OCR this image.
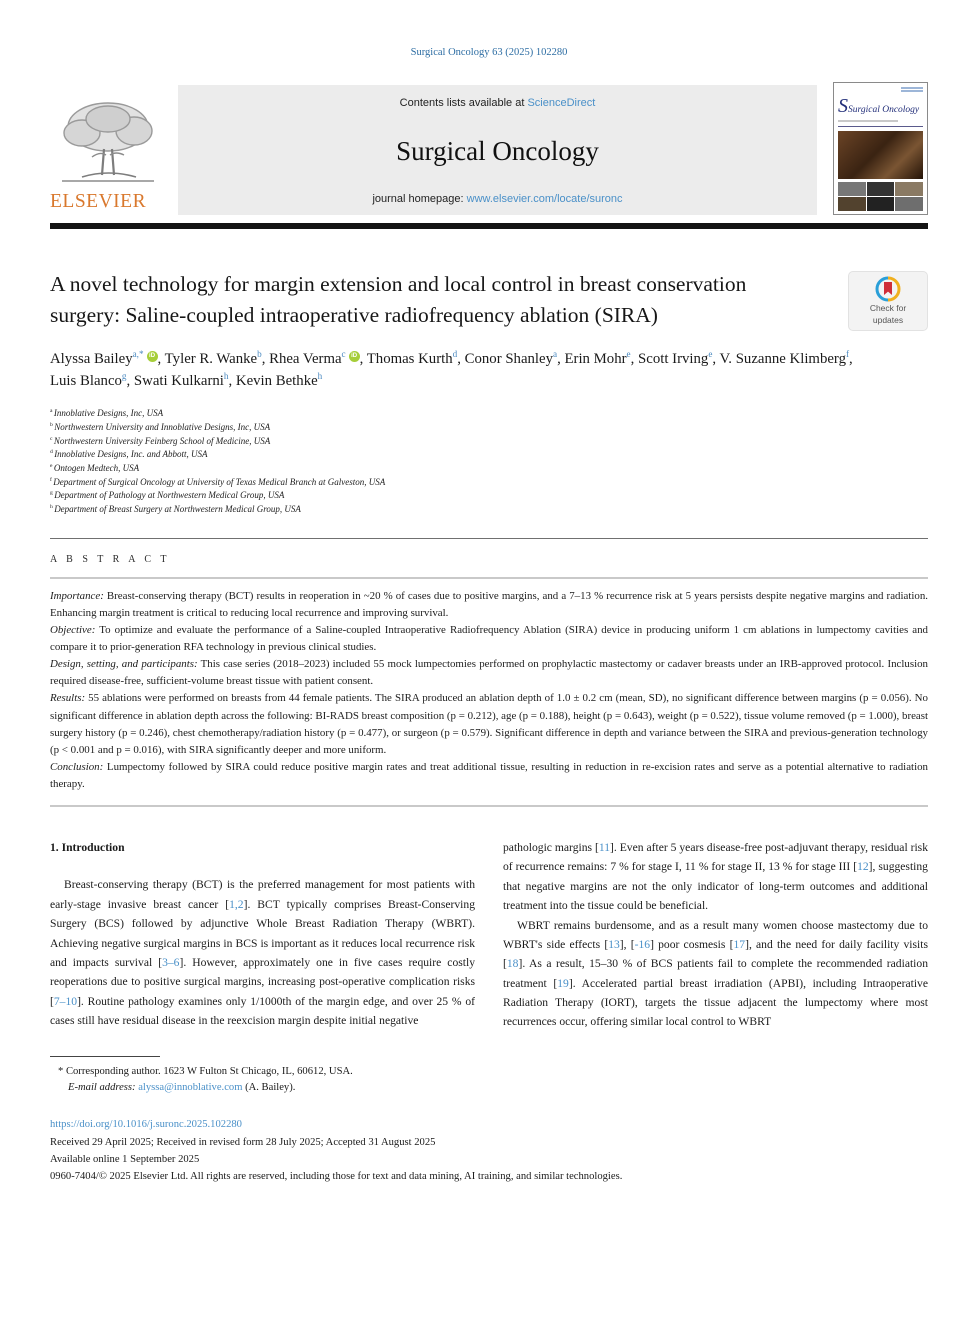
Surgical Oncology 63 (2025) 102280
ELSEVIER
Contents lists available at ScienceDirect
Surgical Oncology
journal homepage: www.elsevier.com/locate/suronc
SSurgical Oncology
A novel technology for margin extension and local control in breast conservation surgery: Saline-coupled intraoperative radiofrequency ablation (SIRA)	Check for
updates
Alyssa Bailey$^{a,*}$ iD , Tyler R. Wanke$^b$, Rhea Verma$^c$ iD , Thomas Kurth$^d$, Conor Shanley$^a$, Erin Mohr$^e$, Scott Irving$^e$, V. Suzanne Klimberg$^f$, Luis Blanco$^g$, Swati Kulkarni$^h$, Kevin Bethke$^h$
$^a$ Innoblative Designs, Inc, USA
$^b$ Northwestern University and Innoblative Designs, Inc, USA
$^c$ Northwestern University Feinberg School of Medicine, USA
$^d$ Innoblative Designs, Inc. and Abbott, USA
$^e$ Ontogen Medtech, USA
$^f$ Department of Surgical Oncology at University of Texas Medical Branch at Galveston, USA
$^g$ Department of Pathology at Northwestern Medical Group, USA
$^h$ Department of Breast Surgery at Northwestern Medical Group, USA
A B S T R A C T

Importance: Breast-conserving therapy (BCT) results in reoperation in ~20 % of cases due to positive margins, and a 7–13 % recurrence risk at 5 years persists despite negative margins and radiation. Enhancing margin treatment is critical to reducing local recurrence and improving survival.

Objective: To optimize and evaluate the performance of a Saline-coupled Intraoperative Radiofrequency Ablation (SIRA) device in producing uniform 1 cm ablations in lumpectomy cavities and compare it to prior-generation RFA technology in previous clinical studies.

Design, setting, and participants: This case series (2018–2023) included 55 mock lumpectomies performed on prophylactic mastectomy or cadaver breasts under an IRB-approved protocol. Inclusion required disease-free, sufficient-volume breast tissue with patient consent.

Results: 55 ablations were performed on breasts from 44 female patients. The SIRA produced an ablation depth of 1.0 ± 0.2 cm (mean, SD), no significant difference between margins (p = 0.056). No significant difference in ablation depth across the following: BI-RADS breast composition (p = 0.212), age (p = 0.188), height (p = 0.643), weight (p = 0.522), tissue volume removed (p = 1.000), breast surgery history (p = 0.246), chest chemotherapy/radiation history (p = 0.477), or surgeon (p = 0.579). Significant difference in depth and variance between the SIRA and previous-generation technology (p < 0.001 and p = 0.016), with SIRA significantly deeper and more uniform.

Conclusion: Lumpectomy followed by SIRA could reduce positive margin rates and treat additional tissue, resulting in reduction in re-excision rates and serve as a potential alternative to radiation therapy.

1. Introduction

Breast-conserving therapy (BCT) is the preferred management for most patients with early-stage invasive breast cancer [1,2]. BCT typically comprises Breast-Conserving Surgery (BCS) followed by adjunctive Whole Breast Radiation Therapy (WBRT). Achieving negative surgical margins in BCS is important as it reduces local recurrence risk and impacts survival [3–6]. However, approximately one in five cases require costly reoperations due to positive surgical margins, increasing post-operative complication risks [7–10]. Routine pathology examines only 1/1000th of the margin edge, and over 25 % of cases still have residual disease in the reexcision margin despite initial negative

pathologic margins [11]. Even after 5 years disease-free post-adjuvant therapy, residual risk of recurrence remains: 7 % for stage I, 11 % for stage II, 13 % for stage III [12], suggesting that negative margins are not the only indicator of long-term outcomes and additional treatment into the tissue could be beneficial.

WBRT remains burdensome, and as a result many women choose mastectomy due to WBRT's side effects [13], [-16] poor cosmesis [17], and the need for daily facility visits [18]. As a result, 15–30 % of BCS patients fail to complete the recommended radiation treatment [19]. Accelerated partial breast irradiation (APBI), including Intraoperative Radiation Therapy (IORT), targets the tissue adjacent the lumpectomy where most recurrences occur, offering similar local control to WBRT

* Corresponding author. 1623 W Fulton St Chicago, IL, 60612, USA.
E-mail address: alyssa@innoblative.com (A. Bailey).
https://doi.org/10.1016/j.suronc.2025.102280
Received 29 April 2025; Received in revised form 28 July 2025; Accepted 31 August 2025
Available online 1 September 2025
0960-7404/© 2025 Elsevier Ltd. All rights are reserved, including those for text and data mining, AI training, and similar technologies.
